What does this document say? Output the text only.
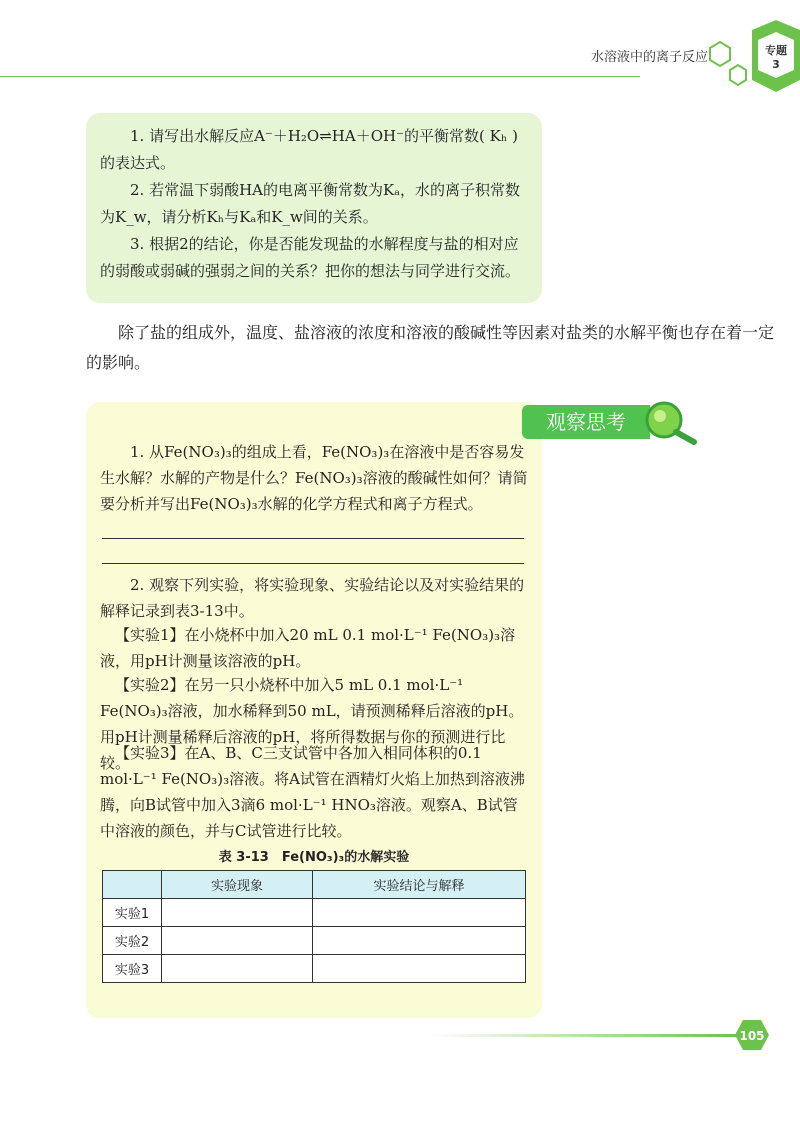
水溶液中的离子反应	专题
3
1. 请写出水解反应A⁻＋H₂O⇌HA＋OH⁻的平衡常数( Kₕ )的表达式。
2. 若常温下弱酸HA的电离平衡常数为Kₐ，水的离子积常数为K_w，请分析Kₕ与Kₐ和K_w间的关系。
3. 根据2的结论，你是否能发现盐的水解程度与盐的相对应的弱酸或弱碱的强弱之间的关系？把你的想法与同学进行交流。
除了盐的组成外，温度、盐溶液的浓度和溶液的酸碱性等因素对盐类的水解平衡也存在着一定的影响。
观察思考
1. 从Fe(NO₃)₃的组成上看，Fe(NO₃)₃在溶液中是否容易发生水解？水解的产物是什么？Fe(NO₃)₃溶液的酸碱性如何？请简要分析并写出Fe(NO₃)₃水解的化学方程式和离子方程式。
2. 观察下列实验，将实验现象、实验结论以及对实验结果的解释记录到表3-13中。
【实验1】在小烧杯中加入20 mL 0.1 mol·L⁻¹ Fe(NO₃)₃溶液，用pH计测量该溶液的pH。
【实验2】在另一只小烧杯中加入5 mL 0.1 mol·L⁻¹ Fe(NO₃)₃溶液，加水稀释到50 mL，请预测稀释后溶液的pH。用pH计测量稀释后溶液的pH，将所得数据与你的预测进行比较。
【实验3】在A、B、C三支试管中各加入相同体积的0.1 mol·L⁻¹ Fe(NO₃)₃溶液。将A试管在酒精灯火焰上加热到溶液沸腾，向B试管中加入3滴6 mol·L⁻¹ HNO₃溶液。观察A、B试管中溶液的颜色，并与C试管进行比较。
表 3-13　Fe(NO₃)₃的水解实验
	实验现象	实验结论与解释
实验1		
实验2		
实验3		
105
